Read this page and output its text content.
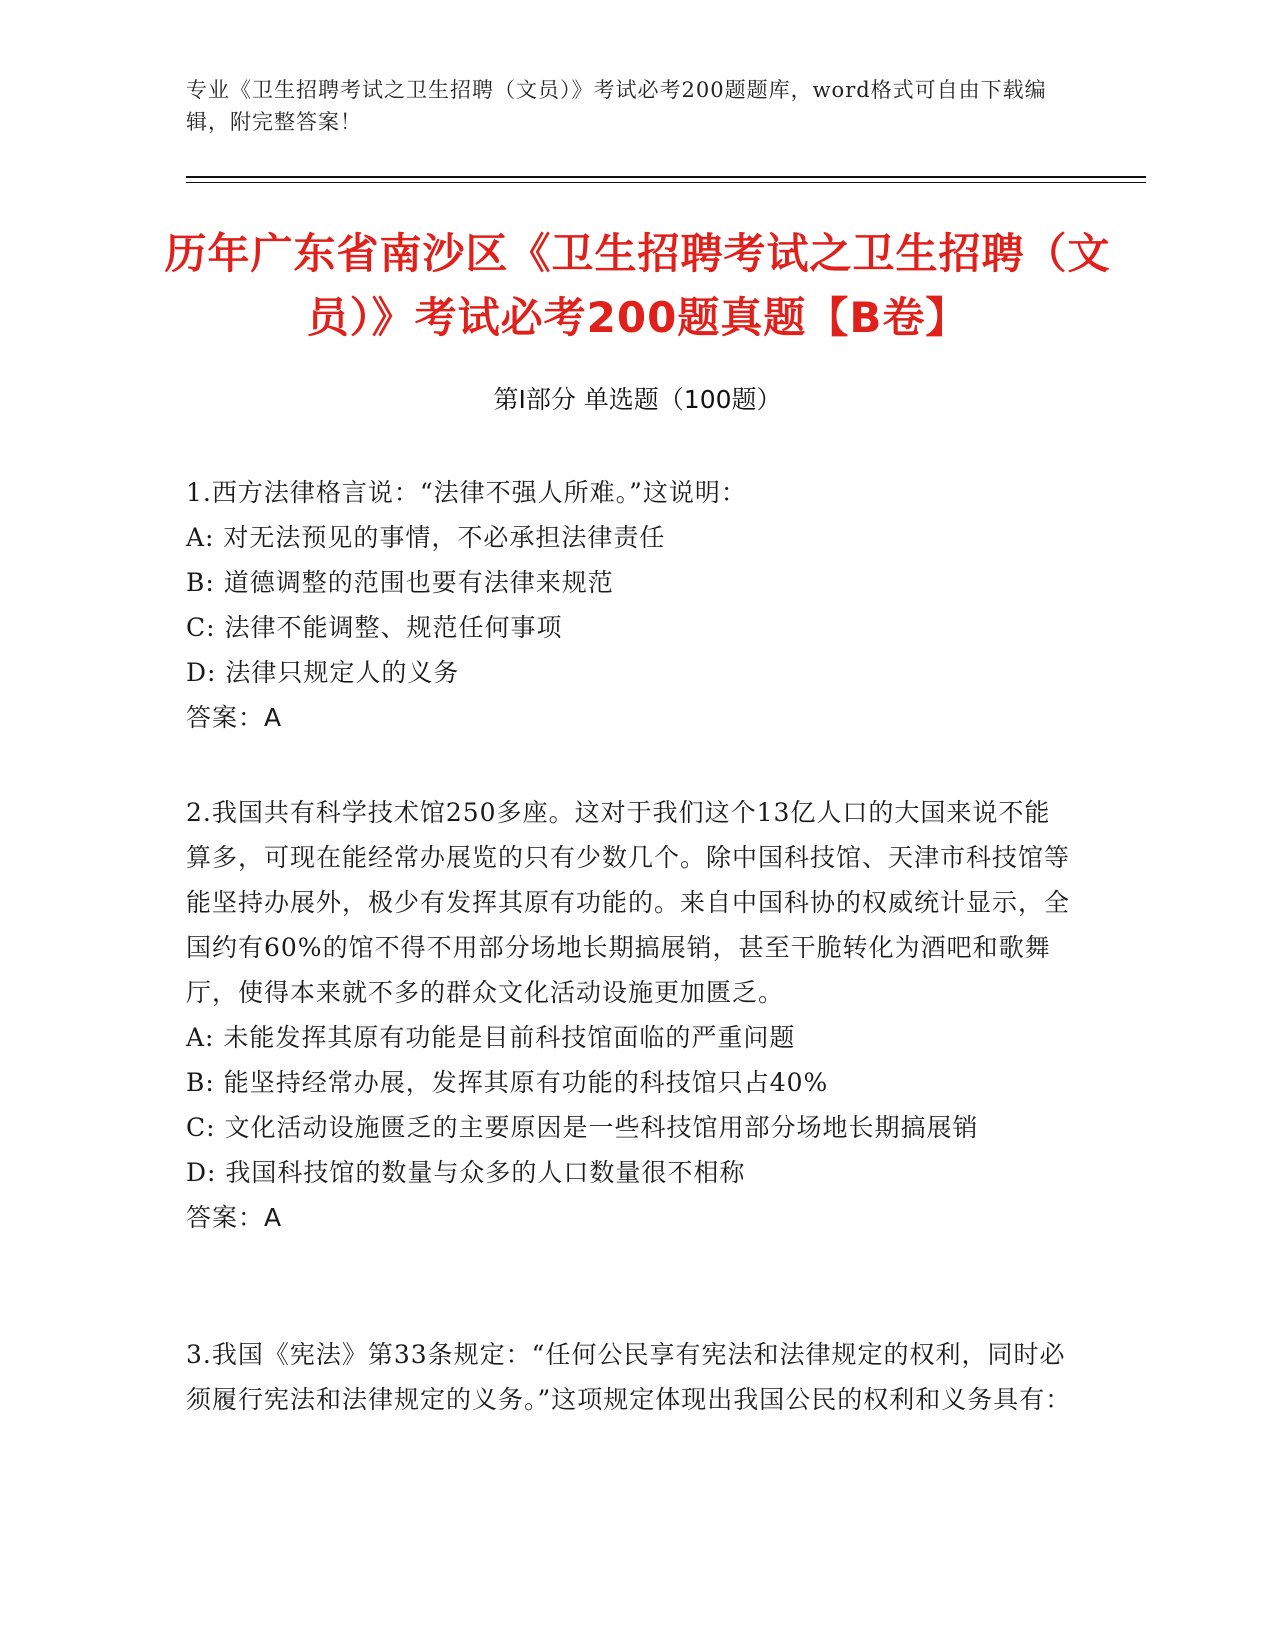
专业《卫生招聘考试之卫生招聘（文员）》考试必考200题题库，word格式可自由下载编辑，附完整答案！
历年广东省南沙区《卫生招聘考试之卫生招聘（文员）》考试必考200题真题【B卷】
第Ⅰ部分 单选题（100题）

1.西方法律格言说：“法律不强人所难。”这说明：

A: 对无法预见的事情，不必承担法律责任

B: 道德调整的范围也要有法律来规范

C: 法律不能调整、规范任何事项

D: 法律只规定人的义务

答案：A

2.我国共有科学技术馆250多座。这对于我们这个13亿人口的大国来说不能算多，可现在能经常办展览的只有少数几个。除中国科技馆、天津市科技馆等能坚持办展外，极少有发挥其原有功能的。来自中国科协的权威统计显示，全国约有60%的馆不得不用部分场地长期搞展销，甚至干脆转化为酒吧和歌舞厅，使得本来就不多的群众文化活动设施更加匮乏。

A: 未能发挥其原有功能是目前科技馆面临的严重问题

B: 能坚持经常办展，发挥其原有功能的科技馆只占40%

C: 文化活动设施匮乏的主要原因是一些科技馆用部分场地长期搞展销

D: 我国科技馆的数量与众多的人口数量很不相称

答案：A

3.我国《宪法》第33条规定：“任何公民享有宪法和法律规定的权利，同时必须履行宪法和法律规定的义务。”这项规定体现出我国公民的权利和义务具有：
